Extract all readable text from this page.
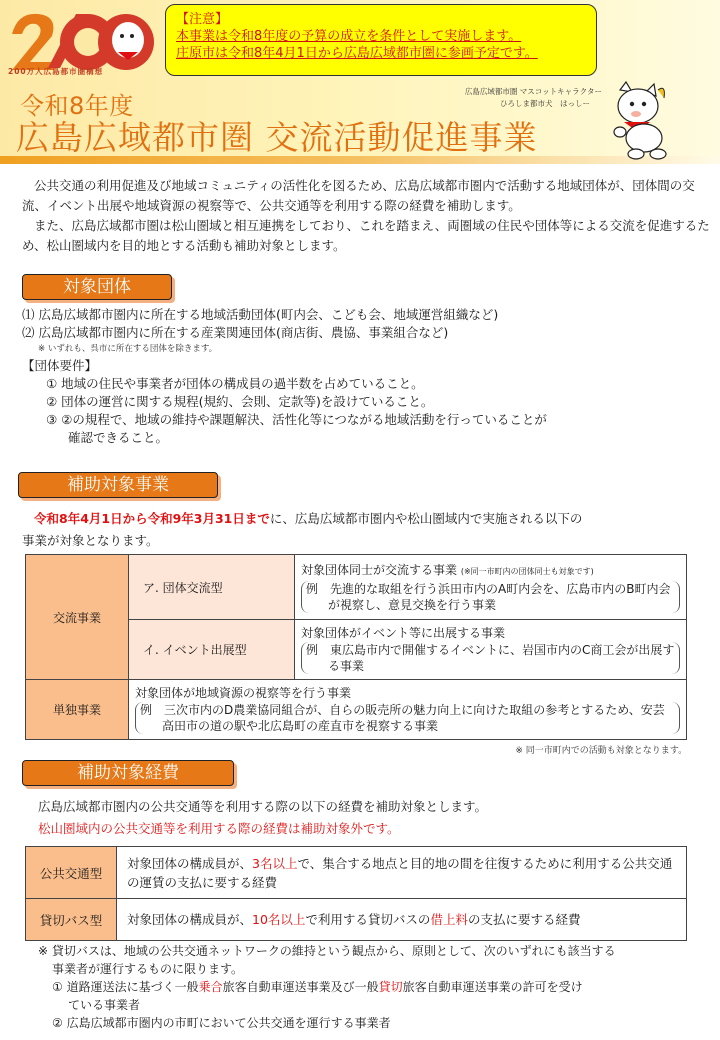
200万人広島都市圏構想
【注意】
本事業は令和8年度の予算の成立を条件として実施します。
庄原市は令和8年4月1日から広島広域都市圏に参画予定です。
令和8年度
広島広域都市圏 交流活動促進事業
広島広域都市圏 マスコットキャラクター
ひろしま都市犬　はっしー

公共交通の利用促進及び地域コミュニティの活性化を図るため、広島広域都市圏内で活動する地域団体が、団体間の交流、イベント出展や地域資源の視察等で、公共交通等を利用する際の経費を補助します。

また、広島広域都市圏は松山圏域と相互連携をしており、これを踏まえ、両圏域の住民や団体等による交流を促進するため、松山圏域内を目的地とする活動も補助対象とします。

対象団体
⑴ 広島広域都市圏内に所在する地域活動団体(町内会、こども会、地域運営組織など)
⑵ 広島広域都市圏内に所在する産業関連団体(商店街、農協、事業組合など)
※ いずれも、呉市に所在する団体を除きます。
【団体要件】
① 地域の住民や事業者が団体の構成員の過半数を占めていること。
② 団体の運営に関する規程(規約、会則、定款等)を設けていること。
③ ②の規程で、地域の維持や課題解決、活性化等につながる地域活動を行っていることが
確認できること。
補助対象事業
令和8年4月1日から令和9年3月31日までに、広島広域都市圏内や松山圏域内で実施される以下の
事業が対象となります。
交流事業	ア. 団体交流型	対象団体同士が交流する事業 (※同一市町内の団体同士も対象です)
例　先進的な取組を行う浜田市内のA町内会を、広島市内のB町内会が視察し、意見交換を行う事業

	イ. イベント出展型	対象団体がイベント等に出展する事業
例　東広島市内で開催するイベントに、岩国市内のC商工会が出展する事業

単独事業	対象団体が地域資源の視察等を行う事業
例　三次市内のD農業協同組合が、自らの販売所の魅力向上に向けた取組の参考とするため、安芸高田市の道の駅や北広島町の産直市を視察する事業	
※ 同一市町内での活動も対象となります。
補助対象経費
広島広域都市圏内の公共交通等を利用する際の以下の経費を補助対象とします。
松山圏域内の公共交通等を利用する際の経費は補助対象外です。
公共交通型	対象団体の構成員が、3名以上で、集合する地点と目的地の間を往復するために利用する公共交通の運賃の支払に要する経費
貸切バス型	対象団体の構成員が、10名以上で利用する貸切バスの借上料の支払に要する経費
※ 貸切バスは、地域の公共交通ネットワークの維持という観点から、原則として、次のいずれにも該当する
事業者が運行するものに限ります。
① 道路運送法に基づく一般乗合旅客自動車運送事業及び一般貸切旅客自動車運送事業の許可を受け
ている事業者
② 広島広域都市圏内の市町において公共交通を運行する事業者
